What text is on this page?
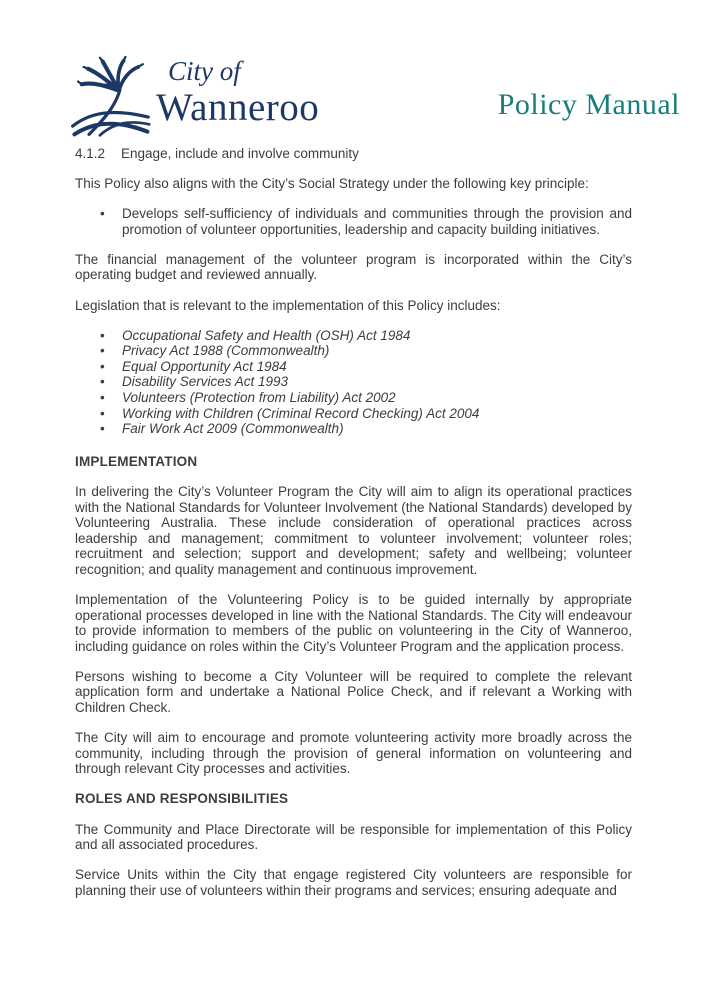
City of
Wanneroo	Policy Manual

4.1.2 Engage, include and involve community

This Policy also aligns with the City’s Social Strategy under the following key principle:

•	Develops self-sufficiency of individuals and communities through the provision and promotion of volunteer opportunities, leadership and capacity building initiatives.

The financial management of the volunteer program is incorporated within the City’s operating budget and reviewed annually.

Legislation that is relevant to the implementation of this Policy includes:

•	Occupational Safety and Health (OSH) Act 1984
•	Privacy Act 1988 (Commonwealth)
•	Equal Opportunity Act 1984
•	Disability Services Act 1993
•	Volunteers (Protection from Liability) Act 2002
•	Working with Children (Criminal Record Checking) Act 2004
•	Fair Work Act 2009 (Commonwealth)
IMPLEMENTATION

In delivering the City’s Volunteer Program the City will aim to align its operational practices with the National Standards for Volunteer Involvement (the National Standards) developed by Volunteering Australia. These include consideration of operational practices across leadership and management; commitment to volunteer involvement; volunteer roles; recruitment and selection; support and development; safety and wellbeing; volunteer recognition; and quality management and continuous improvement.

Implementation of the Volunteering Policy is to be guided internally by appropriate operational processes developed in line with the National Standards. The City will endeavour to provide information to members of the public on volunteering in the City of Wanneroo, including guidance on roles within the City’s Volunteer Program and the application process.

Persons wishing to become a City Volunteer will be required to complete the relevant application form and undertake a National Police Check, and if relevant a Working with Children Check.

The City will aim to encourage and promote volunteering activity more broadly across the community, including through the provision of general information on volunteering and through relevant City processes and activities.

ROLES AND RESPONSIBILITIES

The Community and Place Directorate will be responsible for implementation of this Policy and all associated procedures.

Service Units within the City that engage registered City volunteers are responsible for planning their use of volunteers within their programs and services; ensuring adequate and
